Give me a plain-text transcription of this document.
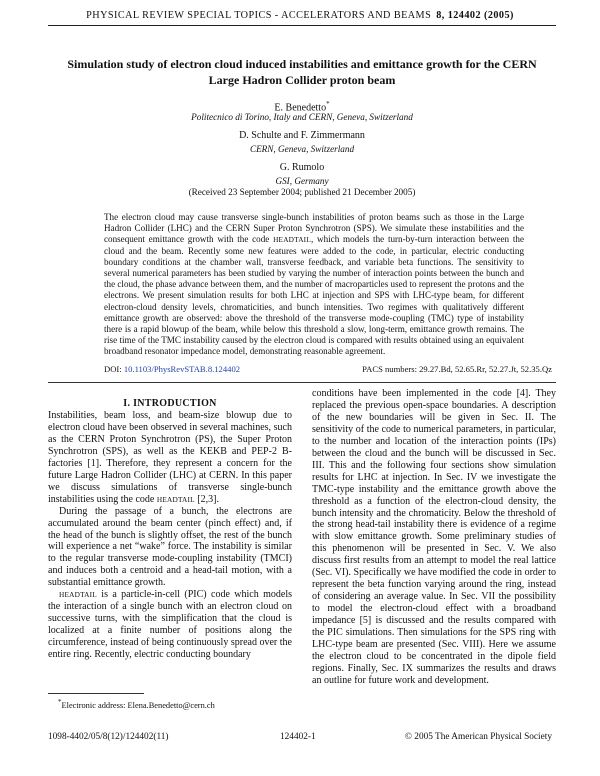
PHYSICAL REVIEW SPECIAL TOPICS - ACCELERATORS AND BEAMS 8, 124402 (2005)
Simulation study of electron cloud induced instabilities and emittance growth for the CERN
Large Hadron Collider proton beam
E. Benedetto*
Politecnico di Torino, Italy and CERN, Geneva, Switzerland
D. Schulte and F. Zimmermann
CERN, Geneva, Switzerland
G. Rumolo
GSI, Germany
(Received 23 September 2004; published 21 December 2005)

The electron cloud may cause transverse single-bunch instabilities of proton beams such as those in the Large Hadron Collider (LHC) and the CERN Super Proton Synchrotron (SPS). We simulate these instabilities and the consequent emittance growth with the code HEADTAIL, which models the turn-by-turn interaction between the cloud and the beam. Recently some new features were added to the code, in particular, electric conducting boundary conditions at the chamber wall, transverse feedback, and variable beta functions. The sensitivity to several numerical parameters has been studied by varying the number of interaction points between the bunch and the cloud, the phase advance between them, and the number of macroparticles used to represent the protons and the electrons. We present simulation results for both LHC at injection and SPS with LHC-type beam, for different electron-cloud density levels, chromaticities, and bunch intensities. Two regimes with qualitatively different emittance growth are observed: above the threshold of the transverse mode-coupling (TMC) type of instability there is a rapid blowup of the beam, while below this threshold a slow, long-term, emittance growth remains. The rise time of the TMC instability caused by the electron cloud is compared with results obtained using an equivalent broadband resonator impedance model, demonstrating reasonable agreement.

DOI: 10.1103/PhysRevSTAB.8.124402	PACS numbers: 29.27.Bd, 52.65.Rr, 52.27.Jt, 52.35.Qz
I. INTRODUCTION

Instabilities, beam loss, and beam-size blowup due to electron cloud have been observed in several machines, such as the CERN Proton Synchrotron (PS), the Super Proton Synchrotron (SPS), as well as the KEKB and PEP-2 B-factories [1]. Therefore, they represent a concern for the future Large Hadron Collider (LHC) at CERN. In this paper we discuss simulations of transverse single-bunch instabilities using the code HEADTAIL [2,3].

During the passage of a bunch, the electrons are accumulated around the beam center (pinch effect) and, if the head of the bunch is slightly offset, the rest of the bunch will experience a net “wake” force. The instability is similar to the regular transverse mode-coupling instability (TMCI) and induces both a centroid and a head-tail motion, with a substantial emittance growth.

HEADTAIL is a particle-in-cell (PIC) code which models the interaction of a single bunch with an electron cloud on successive turns, with the simplification that the cloud is localized at a finite number of positions along the circumference, instead of being continuously spread over the entire ring. Recently, electric conducting boundary

conditions have been implemented in the code [4]. They replaced the previous open-space boundaries. A description of the new boundaries will be given in Sec. II. The sensitivity of the code to numerical parameters, in particular, to the number and location of the interaction points (IPs) between the cloud and the bunch will be discussed in Sec. III. This and the following four sections show simulation results for LHC at injection. In Sec. IV we investigate the TMC-type instability and the emittance growth above the threshold as a function of the electron-cloud density, the bunch intensity and the chromaticity. Below the threshold of the strong head-tail instability there is evidence of a regime with slow emittance growth. Some preliminary studies of this phenomenon will be presented in Sec. V. We also discuss first results from an attempt to model the real lattice (Sec. VI). Specifically we have modified the code in order to represent the beta function varying around the ring, instead of considering an average value. In Sec. VII the possibility to model the electron-cloud effect with a broadband impedance [5] is discussed and the results compared with the PIC simulations. Then simulations for the SPS ring with LHC-type beam are presented (Sec. VIII). Here we assume the electron cloud to be concentrated in the dipole field regions. Finally, Sec. IX summarizes the results and draws an outline for future work and development.

*Electronic address: Elena.Benedetto@cern.ch
1098-4402/05/8(12)/124402(11)	124402-1	© 2005 The American Physical Society
